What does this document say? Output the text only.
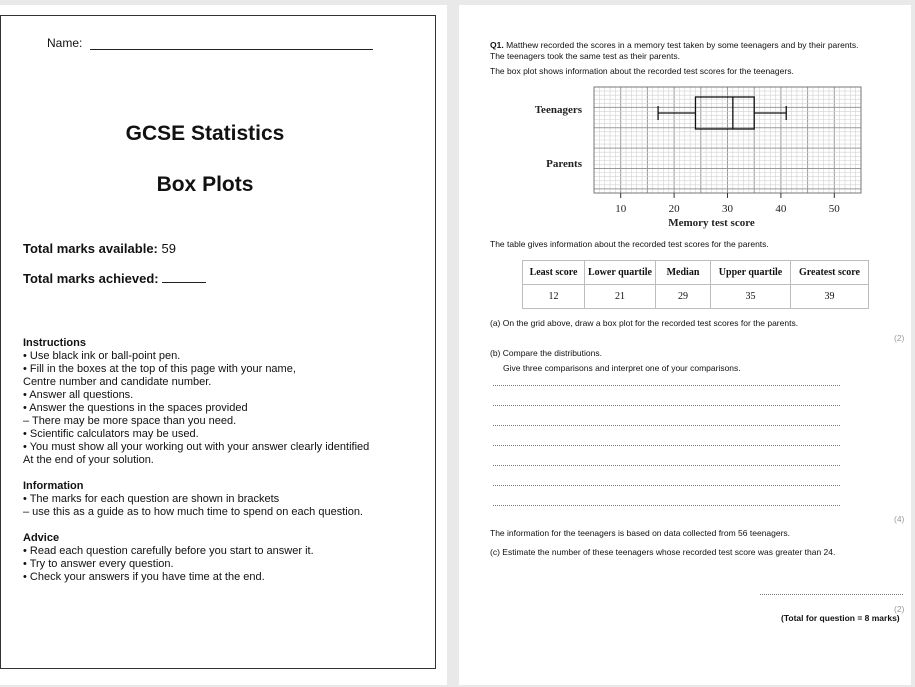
Name:
GCSE Statistics
Box Plots
Total marks available: 59
Total marks achieved:
Instructions
• Use black ink or ball-point pen.
• Fill in the boxes at the top of this page with your name,
Centre number and candidate number.
• Answer all questions.
• Answer the questions in the spaces provided
– There may be more space than you need.
• Scientific calculators may be used.
• You must show all your working out with your answer clearly identified
At the end of your solution.
Information
• The marks for each question are shown in brackets
– use this as a guide as to how much time to spend on each question.
Advice
• Read each question carefully before you start to answer it.
• Try to answer every question.
• Check your answers if you have time at the end.
Q1. Matthew recorded the scores in a memory test taken by some teenagers and by their parents.
The teenagers took the same test as their parents.
The box plot shows information about the recorded test scores for the teenagers.
Teenagers
Parents
10	20	30	40	50
Memory test score
The table gives information about the recorded test scores for the parents.
Least score	Lower quartile	Median	Upper quartile	Greatest score
12	21	29	35	39
(a) On the grid above, draw a box plot for the recorded test scores for the parents.
(2)
(b) Compare the distributions.
Give three comparisons and interpret one of your comparisons.
(4)
The information for the teenagers is based on data collected from 56 teenagers.
(c) Estimate the number of these teenagers whose recorded test score was greater than 24.
(2)
(Total for question = 8 marks)
